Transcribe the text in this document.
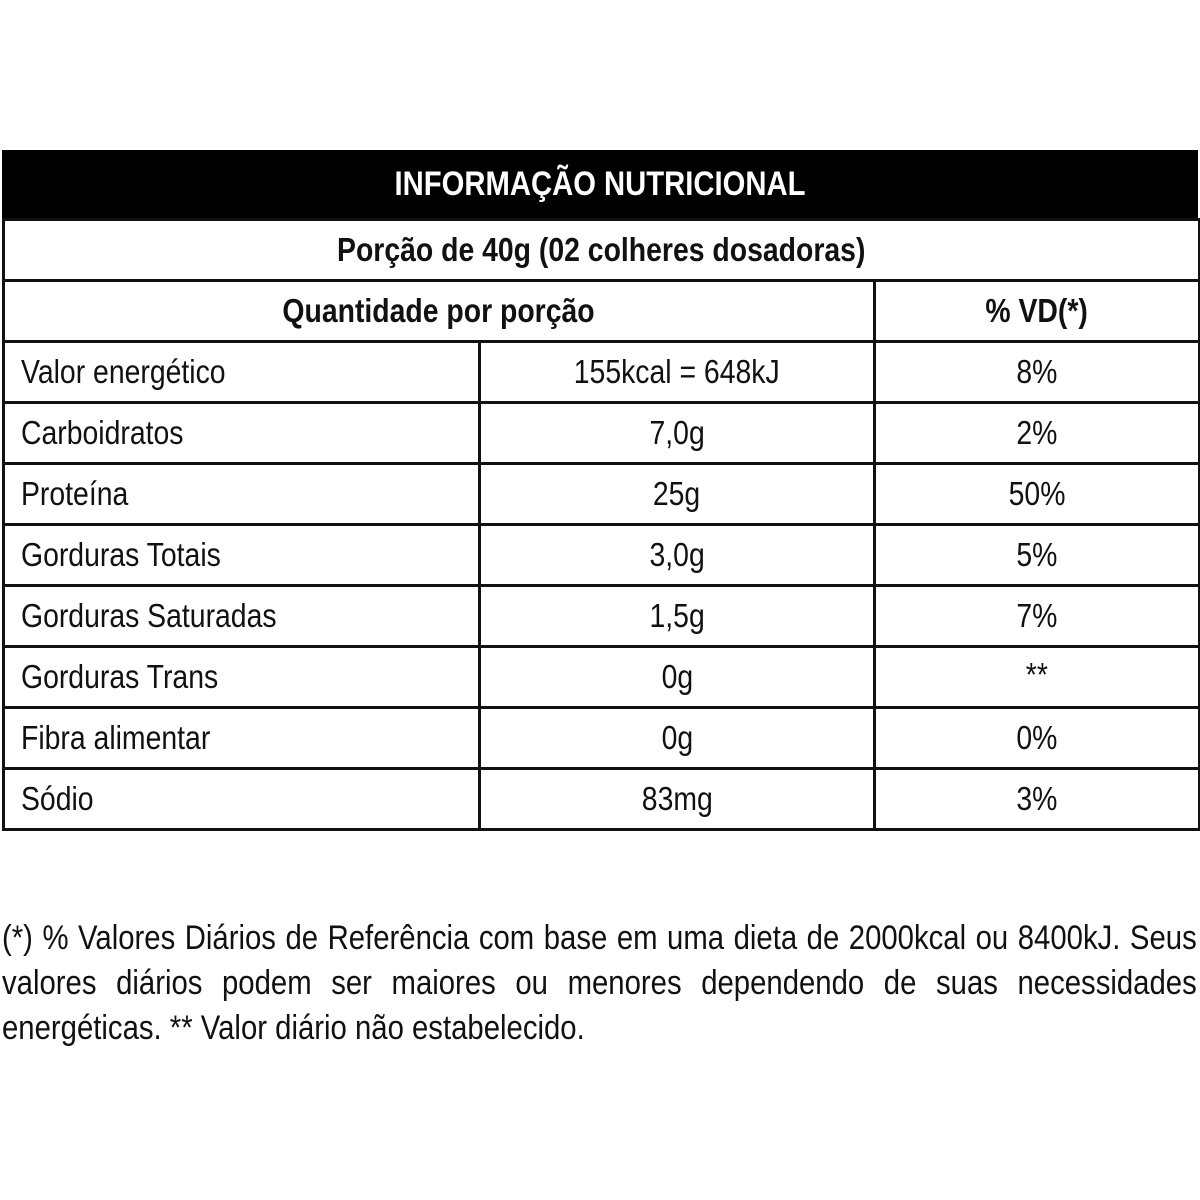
INFORMAÇÃO NUTRICIONAL
Porção de 40g (02 colheres dosadoras)		
Quantidade por porção		% VD(*)
Valor energético	155kcal = 648kJ	8%
Carboidratos	7,0g	2%
Proteína	25g	50%
Gorduras Totais	3,0g	5%
Gorduras Saturadas	1,5g	7%
Gorduras Trans	0g	**
Fibra alimentar	0g	0%
Sódio	83mg	3%

(*) % Valores Diários de Referência com base em uma dieta de 2000kcal ou 8400kJ. Seus valores diários podem ser maiores ou menores dependendo de suas necessidades energéticas. ** Valor diário não estabelecido.
